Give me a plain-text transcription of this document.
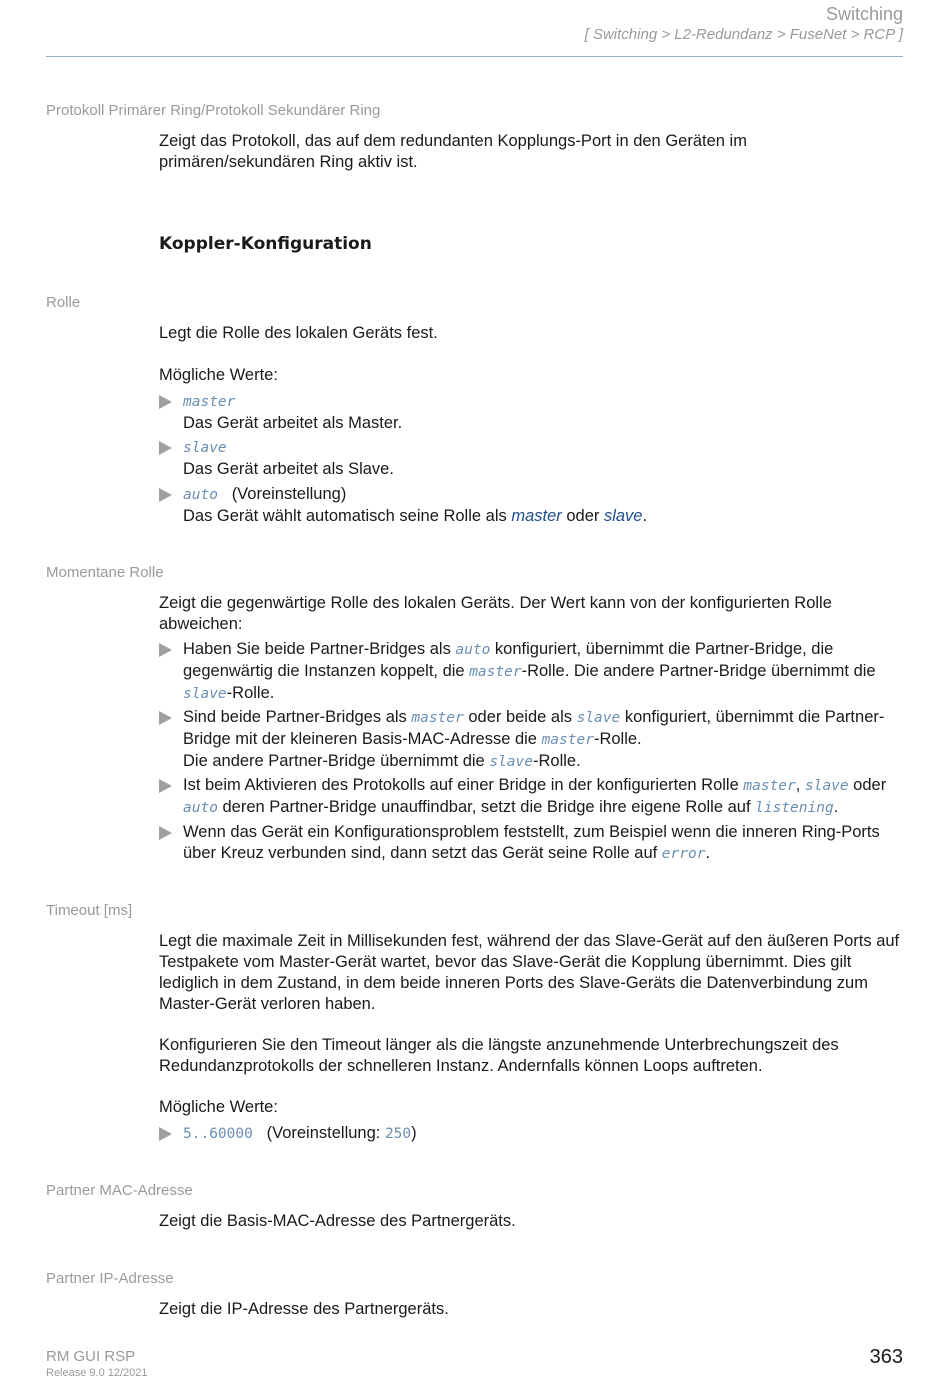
Switching
[ Switching > L2-Redundanz > FuseNet > RCP ]
Protokoll Primärer Ring/Protokoll Sekundärer Ring
Zeigt das Protokoll, das auf dem redundanten Kopplungs-Port in den Geräten im primären/sekundären Ring aktiv ist.
Koppler-Konfiguration
Rolle
Legt die Rolle des lokalen Geräts fest.
Mögliche Werte:
master
Das Gerät arbeitet als Master.
slave
Das Gerät arbeitet als Slave.
auto (Voreinstellung)
Das Gerät wählt automatisch seine Rolle als master oder slave.
Momentane Rolle
Zeigt die gegenwärtige Rolle des lokalen Geräts. Der Wert kann von der konfigurierten Rolle abweichen:
Haben Sie beide Partner-Bridges als auto konfiguriert, übernimmt die Partner-Bridge, die gegenwärtig die Instanzen koppelt, die master-Rolle. Die andere Partner-Bridge übernimmt die slave-Rolle.
Sind beide Partner-Bridges als master oder beide als slave konfiguriert, übernimmt die Partner-Bridge mit der kleineren Basis-MAC-Adresse die master-Rolle.
Die andere Partner-Bridge übernimmt die slave-Rolle.
Ist beim Aktivieren des Protokolls auf einer Bridge in der konfigurierten Rolle master, slave oder auto deren Partner-Bridge unauffindbar, setzt die Bridge ihre eigene Rolle auf listening.
Wenn das Gerät ein Konfigurationsproblem feststellt, zum Beispiel wenn die inneren Ring-Ports über Kreuz verbunden sind, dann setzt das Gerät seine Rolle auf error.
Timeout [ms]
Legt die maximale Zeit in Millisekunden fest, während der das Slave-Gerät auf den äußeren Ports auf Testpakete vom Master-Gerät wartet, bevor das Slave-Gerät die Kopplung übernimmt. Dies gilt lediglich in dem Zustand, in dem beide inneren Ports des Slave-Geräts die Datenverbindung zum Master-Gerät verloren haben.
Konfigurieren Sie den Timeout länger als die längste anzunehmende Unterbrechungszeit des Redundanzprotokolls der schnelleren Instanz. Andernfalls können Loops auftreten.
Mögliche Werte:
5..60000 (Voreinstellung: 250)
Partner MAC-Adresse
Zeigt die Basis-MAC-Adresse des Partnergeräts.
Partner IP-Adresse
Zeigt die IP-Adresse des Partnergeräts.
RM GUI RSP
Release 9.0 12/2021
363
